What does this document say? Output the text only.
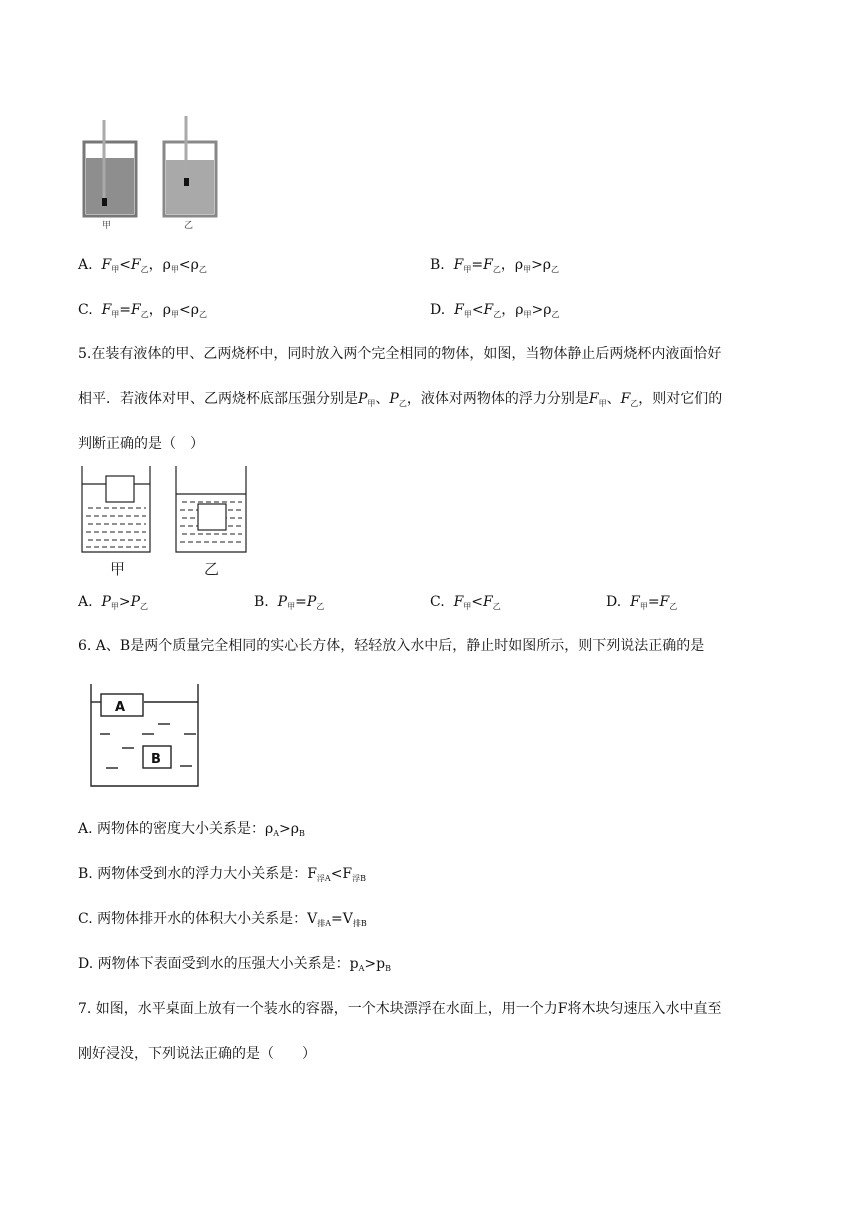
甲	乙
A. $F_甲<F_乙$，$\rho_甲<\rho_乙$	B. $F_甲=F_乙$，$\rho_甲>\rho_乙$
C. $F_甲=F_乙$，$\rho_甲<\rho_乙$	D. $F_甲<F_乙$，$\rho_甲>\rho_乙$
5.在装有液体的甲、乙两烧杯中，同时放入两个完全相同的物体，如图，当物体静止后两烧杯内液面恰好
相平．若液体对甲、乙两烧杯底部压强分别是$P_甲$、$P_乙$，液体对两物体的浮力分别是$F_甲$、$F_乙$，则对它们的
判断正确的是（　）
甲	乙
A. $P_甲>P_乙$	B. $P_甲=P_乙$	C. $F_甲<F_乙$	D. $F_甲=F_乙$
6. A、B是两个质量完全相同的实心长方体，轻轻放入水中后，静止时如图所示，则下列说法正确的是
A
B
A. 两物体的密度大小关系是：$\rho_A>\rho_B$
B. 两物体受到水的浮力大小关系是：$F_{浮A}<F_{浮B}$
C. 两物体排开水的体积大小关系是：$V_{排A}=V_{排B}$
D. 两物体下表面受到水的压强大小关系是：$p_A>p_B$
7. 如图，水平桌面上放有一个装水的容器，一个木块漂浮在水面上，用一个力F将木块匀速压入水中直至
刚好浸没，下列说法正确的是（　　）
